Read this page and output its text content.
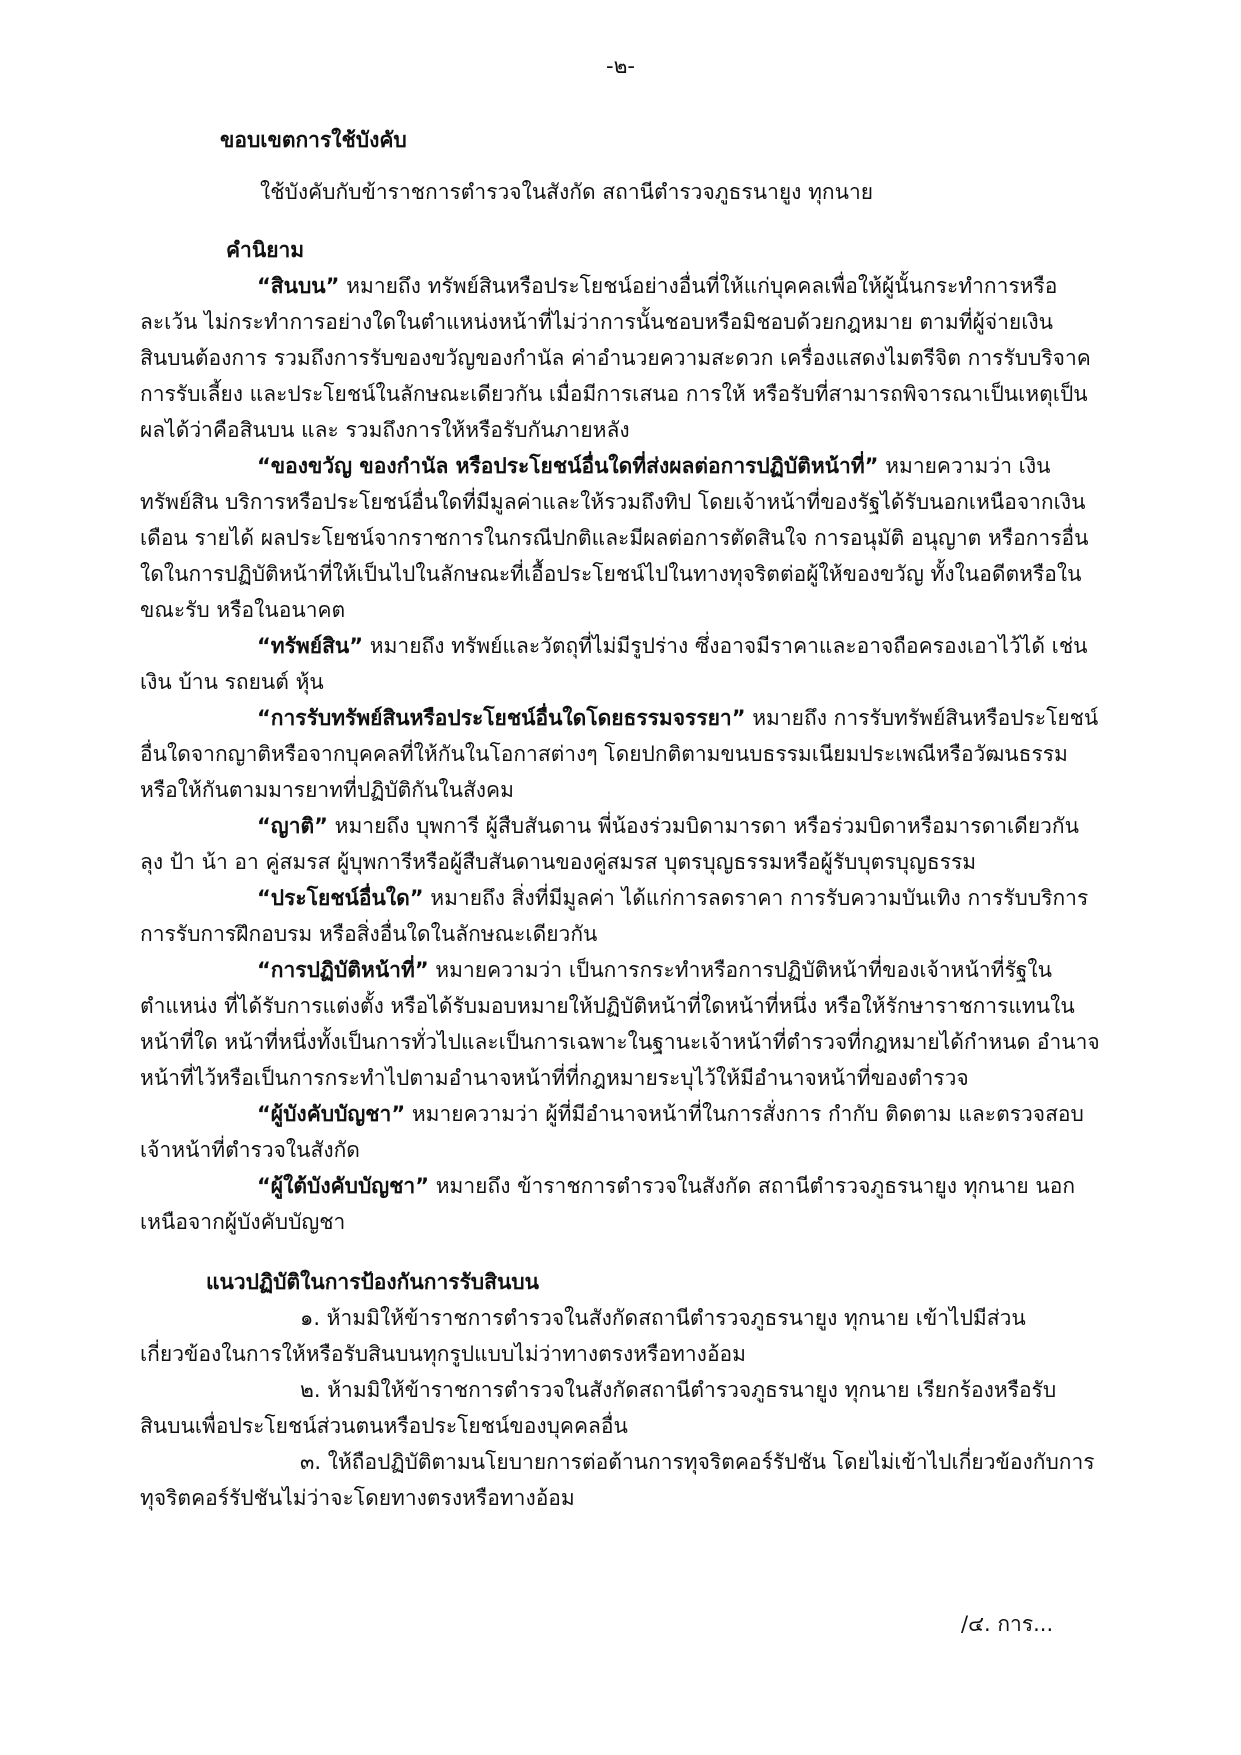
-๒-

ขอบเขตการใช้บังคับ

ใช้บังคับกับข้าราชการตำรวจในสังกัด สถานีตำรวจภูธรนายูง ทุกนาย

คำนิยาม

“สินบน” หมายถึง ทรัพย์สินหรือประโยชน์อย่างอื่นที่ให้แก่บุคคลเพื่อให้ผู้นั้นกระทำการหรือละเว้น ไม่กระทำการอย่างใดในตำแหน่งหน้าที่ไม่ว่าการนั้นชอบหรือมิชอบด้วยกฎหมาย ตามที่ผู้จ่ายเงินสินบนต้องการ รวมถึงการรับของขวัญของกำนัล ค่าอำนวยความสะดวก เครื่องแสดงไมตรีจิต การรับบริจาค การรับเลี้ยง และประโยชน์ในลักษณะเดียวกัน เมื่อมีการเสนอ การให้ หรือรับที่สามารถพิจารณาเป็นเหตุเป็นผลได้ว่าคือสินบน และ รวมถึงการให้หรือรับกันภายหลัง

“ของขวัญ ของกำนัล หรือประโยชน์อื่นใดที่ส่งผลต่อการปฏิบัติหน้าที่” หมายความว่า เงิน ทรัพย์สิน บริการหรือประโยชน์อื่นใดที่มีมูลค่าและให้รวมถึงทิป โดยเจ้าหน้าที่ของรัฐได้รับนอกเหนือจากเงินเดือน รายได้ ผลประโยชน์จากราชการในกรณีปกติและมีผลต่อการตัดสินใจ การอนุมัติ อนุญาต หรือการอื่นใดในการปฏิบัติหน้าที่ให้เป็นไปในลักษณะที่เอื้อประโยชน์ไปในทางทุจริตต่อผู้ให้ของขวัญ ทั้งในอดีตหรือในขณะรับ หรือในอนาคต

“ทรัพย์สิน” หมายถึง ทรัพย์และวัตถุที่ไม่มีรูปร่าง ซึ่งอาจมีราคาและอาจถือครองเอาไว้ได้ เช่น เงิน บ้าน รถยนต์ หุ้น

“การรับทรัพย์สินหรือประโยชน์อื่นใดโดยธรรมจรรยา” หมายถึง การรับทรัพย์สินหรือประโยชน์อื่นใดจากญาติหรือจากบุคคลที่ให้กันในโอกาสต่างๆ โดยปกติตามขนบธรรมเนียมประเพณีหรือวัฒนธรรมหรือให้กันตามมารยาทที่ปฏิบัติกันในสังคม

“ญาติ” หมายถึง บุพการี ผู้สืบสันดาน พี่น้องร่วมบิดามารดา หรือร่วมบิดาหรือมารดาเดียวกัน ลุง ป้า น้า อา คู่สมรส ผู้บุพการีหรือผู้สืบสันดานของคู่สมรส บุตรบุญธรรมหรือผู้รับบุตรบุญธรรม

“ประโยชน์อื่นใด” หมายถึง สิ่งที่มีมูลค่า ได้แก่การลดราคา การรับความบันเทิง การรับบริการ การรับการฝึกอบรม หรือสิ่งอื่นใดในลักษณะเดียวกัน

“การปฏิบัติหน้าที่” หมายความว่า เป็นการกระทำหรือการปฏิบัติหน้าที่ของเจ้าหน้าที่รัฐในตำแหน่ง ที่ได้รับการแต่งตั้ง หรือได้รับมอบหมายให้ปฏิบัติหน้าที่ใดหน้าที่หนึ่ง หรือให้รักษาราชการแทนในหน้าที่ใด หน้าที่หนึ่งทั้งเป็นการทั่วไปและเป็นการเฉพาะในฐานะเจ้าหน้าที่ตำรวจที่กฎหมายได้กำหนด อำนาจหน้าที่ไว้หรือเป็นการกระทำไปตามอำนาจหน้าที่ที่กฎหมายระบุไว้ให้มีอำนาจหน้าที่ของตำรวจ

“ผู้บังคับบัญชา” หมายความว่า ผู้ที่มีอำนาจหน้าที่ในการสั่งการ กำกับ ติดตาม และตรวจสอบเจ้าหน้าที่ตำรวจในสังกัด

“ผู้ใต้บังคับบัญชา” หมายถึง ข้าราชการตำรวจในสังกัด สถานีตำรวจภูธรนายูง ทุกนาย นอกเหนือจากผู้บังคับบัญชา

แนวปฏิบัติในการป้องกันการรับสินบน

๑. ห้ามมิให้ข้าราชการตำรวจในสังกัดสถานีตำรวจภูธรนายูง ทุกนาย เข้าไปมีส่วนเกี่ยวข้องในการให้หรือรับสินบนทุกรูปแบบไม่ว่าทางตรงหรือทางอ้อม

๒. ห้ามมิให้ข้าราชการตำรวจในสังกัดสถานีตำรวจภูธรนายูง ทุกนาย เรียกร้องหรือรับสินบนเพื่อประโยชน์ส่วนตนหรือประโยชน์ของบุคคลอื่น

๓. ให้ถือปฏิบัติตามนโยบายการต่อต้านการทุจริตคอร์รัปชัน โดยไม่เข้าไปเกี่ยวข้องกับการทุจริตคอร์รัปชันไม่ว่าจะโดยทางตรงหรือทางอ้อม

/๔. การ...
